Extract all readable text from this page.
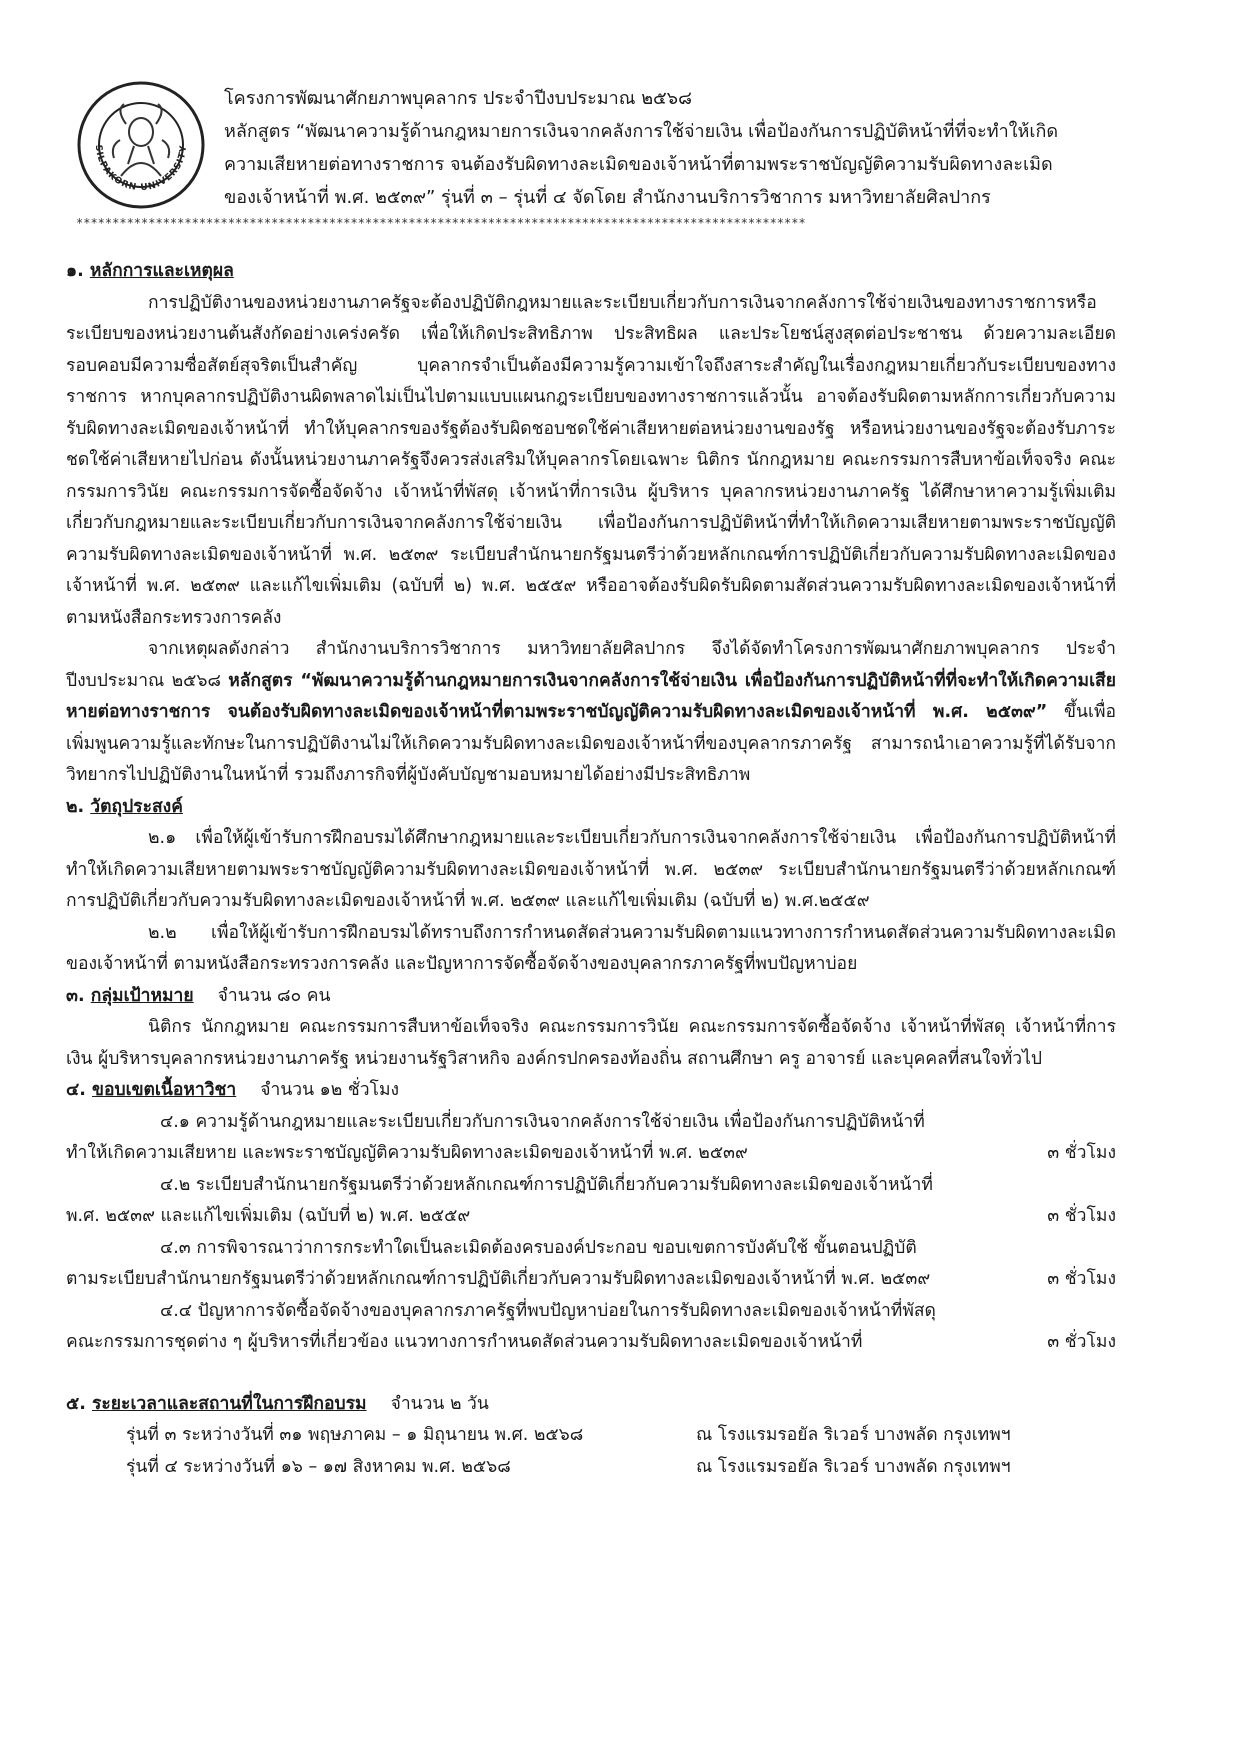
SILPAKORN UNIVERSITY
โครงการพัฒนาศักยภาพบุคลากร ประจำปีงบประมาณ ๒๕๖๘
หลักสูตร “พัฒนาความรู้ด้านกฎหมายการเงินจากคลังการใช้จ่ายเงิน เพื่อป้องกันการปฏิบัติหน้าที่ที่จะทำให้เกิด
ความเสียหายต่อทางราชการ จนต้องรับผิดทางละเมิดของเจ้าหน้าที่ตามพระราชบัญญัติความรับผิดทางละเมิด
ของเจ้าหน้าที่ พ.ศ. ๒๕๓๙” รุ่นที่ ๓ – รุ่นที่ ๔ จัดโดย สำนักงานบริการวิชาการ มหาวิทยาลัยศิลปากร
*****************************************************************************************************

๑. หลักการและเหตุผล

การปฏิบัติงานของหน่วยงานภาครัฐจะต้องปฏิบัติกฎหมายและระเบียบเกี่ยวกับการเงินจากคลังการใช้จ่ายเงินของทางราชการหรือระเบียบของหน่วยงานต้นสังกัดอย่างเคร่งครัด เพื่อให้เกิดประสิทธิภาพ ประสิทธิผล และประโยชน์สูงสุดต่อประชาชน ด้วยความละเอียดรอบคอบมีความซื่อสัตย์สุจริตเป็นสำคัญ บุคลากรจำเป็นต้องมีความรู้ความเข้าใจถึงสาระสำคัญในเรื่องกฎหมายเกี่ยวกับระเบียบของทางราชการ หากบุคลากรปฏิบัติงานผิดพลาดไม่เป็นไปตามแบบแผนกฎระเบียบของทางราชการแล้วนั้น อาจต้องรับผิดตามหลักการเกี่ยวกับความรับผิดทางละเมิดของเจ้าหน้าที่ ทำให้บุคลากรของรัฐต้องรับผิดชอบชดใช้ค่าเสียหายต่อหน่วยงานของรัฐ หรือหน่วยงานของรัฐจะต้องรับภาระชดใช้ค่าเสียหายไปก่อน ดังนั้นหน่วยงานภาครัฐจึงควรส่งเสริมให้บุคลากรโดยเฉพาะ นิติกร นักกฎหมาย คณะกรรมการสืบหาข้อเท็จจริง คณะกรรมการวินัย คณะกรรมการจัดซื้อจัดจ้าง เจ้าหน้าที่พัสดุ เจ้าหน้าที่การเงิน ผู้บริหาร บุคลากรหน่วยงานภาครัฐ ได้ศึกษาหาความรู้เพิ่มเติมเกี่ยวกับกฎหมายและระเบียบเกี่ยวกับการเงินจากคลังการใช้จ่ายเงิน เพื่อป้องกันการปฏิบัติหน้าที่ทำให้เกิดความเสียหายตามพระราชบัญญัติความรับผิดทางละเมิดของเจ้าหน้าที่ พ.ศ. ๒๕๓๙ ระเบียบสำนักนายกรัฐมนตรีว่าด้วยหลักเกณฑ์การปฏิบัติเกี่ยวกับความรับผิดทางละเมิดของเจ้าหน้าที่ พ.ศ. ๒๕๓๙ และแก้ไขเพิ่มเติม (ฉบับที่ ๒) พ.ศ. ๒๕๕๙ หรืออาจต้องรับผิดรับผิดตามสัดส่วนความรับผิดทางละเมิดของเจ้าหน้าที่ ตามหนังสือกระทรวงการคลัง

จากเหตุผลดังกล่าว สำนักงานบริการวิชาการ มหาวิทยาลัยศิลปากร จึงได้จัดทำโครงการพัฒนาศักยภาพบุคลากร ประจำปีงบประมาณ ๒๕๖๘ หลักสูตร “พัฒนาความรู้ด้านกฎหมายการเงินจากคลังการใช้จ่ายเงิน เพื่อป้องกันการปฏิบัติหน้าที่ที่จะทำให้เกิดความเสียหายต่อทางราชการ จนต้องรับผิดทางละเมิดของเจ้าหน้าที่ตามพระราชบัญญัติความรับผิดทางละเมิดของเจ้าหน้าที่ พ.ศ. ๒๕๓๙” ขึ้นเพื่อเพิ่มพูนความรู้และทักษะในการปฏิบัติงานไม่ให้เกิดความรับผิดทางละเมิดของเจ้าหน้าที่ของบุคลากรภาครัฐ สามารถนำเอาความรู้ที่ได้รับจากวิทยากรไปปฏิบัติงานในหน้าที่ รวมถึงภารกิจที่ผู้บังคับบัญชามอบหมายได้อย่างมีประสิทธิภาพ

๒. วัตถุประสงค์

๒.๑ เพื่อให้ผู้เข้ารับการฝึกอบรมได้ศึกษากฎหมายและระเบียบเกี่ยวกับการเงินจากคลังการใช้จ่ายเงิน เพื่อป้องกันการปฏิบัติหน้าที่ทำให้เกิดความเสียหายตามพระราชบัญญัติความรับผิดทางละเมิดของเจ้าหน้าที่ พ.ศ. ๒๕๓๙ ระเบียบสำนักนายกรัฐมนตรีว่าด้วยหลักเกณฑ์การปฏิบัติเกี่ยวกับความรับผิดทางละเมิดของเจ้าหน้าที่ พ.ศ. ๒๕๓๙ และแก้ไขเพิ่มเติม (ฉบับที่ ๒) พ.ศ.๒๕๕๙

๒.๒ เพื่อให้ผู้เข้ารับการฝึกอบรมได้ทราบถึงการกำหนดสัดส่วนความรับผิดตามแนวทางการกำหนดสัดส่วนความรับผิดทางละเมิดของเจ้าหน้าที่ ตามหนังสือกระทรวงการคลัง และปัญหาการจัดซื้อจัดจ้างของบุคลากรภาครัฐที่พบปัญหาบ่อย

๓. กลุ่มเป้าหมาย จำนวน ๘๐ คน

นิติกร นักกฎหมาย คณะกรรมการสืบหาข้อเท็จจริง คณะกรรมการวินัย คณะกรรมการจัดซื้อจัดจ้าง เจ้าหน้าที่พัสดุ เจ้าหน้าที่การเงิน ผู้บริหารบุคลากรหน่วยงานภาครัฐ หน่วยงานรัฐวิสาหกิจ องค์กรปกครองท้องถิ่น สถานศึกษา ครู อาจารย์ และบุคคลที่สนใจทั่วไป

๔. ขอบเขตเนื้อหาวิชา จำนวน ๑๒ ชั่วโมง

๔.๑ ความรู้ด้านกฎหมายและระเบียบเกี่ยวกับการเงินจากคลังการใช้จ่ายเงิน เพื่อป้องกันการปฏิบัติหน้าที่
ทำให้เกิดความเสียหาย และพระราชบัญญัติความรับผิดทางละเมิดของเจ้าหน้าที่ พ.ศ. ๒๕๓๙	๓ ชั่วโมง
๔.๒ ระเบียบสำนักนายกรัฐมนตรีว่าด้วยหลักเกณฑ์การปฏิบัติเกี่ยวกับความรับผิดทางละเมิดของเจ้าหน้าที่
พ.ศ. ๒๕๓๙ และแก้ไขเพิ่มเติม (ฉบับที่ ๒) พ.ศ. ๒๕๕๙	๓ ชั่วโมง
๔.๓ การพิจารณาว่าการกระทำใดเป็นละเมิดต้องครบองค์ประกอบ ขอบเขตการบังคับใช้ ขั้นตอนปฏิบัติ
ตามระเบียบสำนักนายกรัฐมนตรีว่าด้วยหลักเกณฑ์การปฏิบัติเกี่ยวกับความรับผิดทางละเมิดของเจ้าหน้าที่ พ.ศ. ๒๕๓๙	๓ ชั่วโมง
๔.๔ ปัญหาการจัดซื้อจัดจ้างของบุคลากรภาครัฐที่พบปัญหาบ่อยในการรับผิดทางละเมิดของเจ้าหน้าที่พัสดุ
คณะกรรมการชุดต่าง ๆ ผู้บริหารที่เกี่ยวข้อง แนวทางการกำหนดสัดส่วนความรับผิดทางละเมิดของเจ้าหน้าที่	๓ ชั่วโมง

๕. ระยะเวลาและสถานที่ในการฝึกอบรม จำนวน ๒ วัน

รุ่นที่ ๓ ระหว่างวันที่ ๓๑ พฤษภาคม – ๑ มิถุนายน พ.ศ. ๒๕๖๘	ณ โรงแรมรอยัล ริเวอร์ บางพลัด กรุงเทพฯ
รุ่นที่ ๔ ระหว่างวันที่ ๑๖ – ๑๗ สิงหาคม พ.ศ. ๒๕๖๘	ณ โรงแรมรอยัล ริเวอร์ บางพลัด กรุงเทพฯ
